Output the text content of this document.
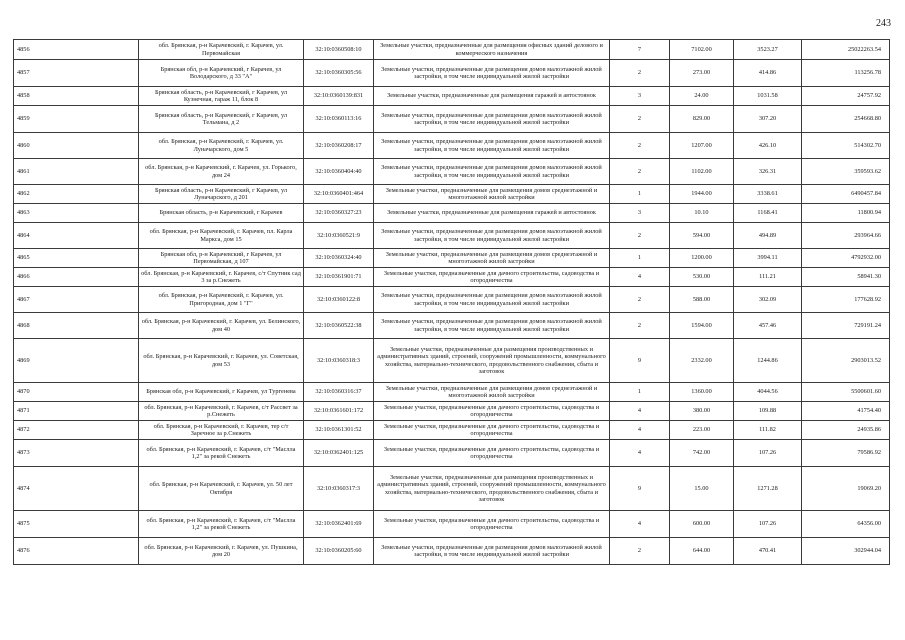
243
4856	обл. Брянская, р-н Карачевский, г. Карачев, ул. Первомайская	32:10:0360508:10	Земельные участки, предназначенные для размещения офисных зданий делового и коммерческого назначения	7	7102.00	3523.27	25022263.54
4857	Брянская обл, р-н Карачевский, г Карачев, ул Володарского, д 33 "А"	32:10:0360305:56	Земельные участки, предназначенные для размещения домов малоэтажной жилой застройки, в том числе индивидуальной жилой застройки	2	273.00	414.86	113256.78
4858	Брянская область, р-н Карачевский, г Карачев, ул Кузнечная, гараж 11, блок 8	32:10:0360139:831	Земельные участки, предназначенные для размещения гаражей и автостоянок	3	24.00	1031.58	24757.92
4859	Брянская область, р-н Карачевский, г Карачев, ул Тельмана, д 2	32:10:0360113:16	Земельные участки, предназначенные для размещения домов малоэтажной жилой застройки, в том числе индивидуальной жилой застройки	2	829.00	307.20	254668.80
4860	обл. Брянская, р-н Карачевский, г. Карачев, ул. Луначарского, дом 5	32:10:0360208:17	Земельные участки, предназначенные для размещения домов малоэтажной жилой застройки, в том числе индивидуальной жилой застройки	2	1207.00	426.10	514302.70
4861	обл. Брянская, р-н Карачевский, г. Карачев, ул. Горького, дом 24	32:10:0360404:40	Земельные участки, предназначенные для размещения домов малоэтажной жилой застройки, в том числе индивидуальной жилой застройки	2	1102.00	326.31	359593.62
4862	Брянская область, р-н Карачевский, г Карачев, ул Луначарского, д 201	32:10:0360401:464	Земельные участки, предназначенные для размещения домов среднеэтажной и многоэтажной жилой застройки	1	1944.00	3338.61	6490457.84
4863	Брянская область, р-н Карачевский, г Карачев	32:10:0360327:23	Земельные участки, предназначенные для размещения гаражей и автостоянок	3	10.10	1168.41	11800.94
4864	обл. Брянская, р-н Карачевский, г. Карачев, пл. Карла Маркса, дом 15	32:10:0360521:9	Земельные участки, предназначенные для размещения домов малоэтажной жилой застройки, в том числе индивидуальной жилой застройки	2	594.00	494.89	293964.66
4865	Брянская обл, р-н Карачевский, г Карачев, ул Первомайская, д 107	32:10:0360324:40	Земельные участки, предназначенные для размещения домов среднеэтажной и многоэтажной жилой застройки	1	1200.00	3994.11	4792932.00
4866	обл. Брянская, р-н Карачевский, г. Карачев, с/т Спутник сад 3 за р.Снежеть	32:10:0361901:71	Земельные участки, предназначенные для дачного строительства, садоводства и огородничества	4	530.00	111.21	58941.30
4867	обл. Брянская, р-н Карачевский, г. Карачев, ул. Пригородная, дом 1 "Г"	32:10:0360122:8	Земельные участки, предназначенные для размещения домов малоэтажной жилой застройки, в том числе индивидуальной жилой застройки	2	588.00	302.09	177628.92
4868	обл. Брянская, р-н Карачевский, г. Карачев, ул. Белинского, дом 40	32:10:0360522:38	Земельные участки, предназначенные для размещения домов малоэтажной жилой застройки, в том числе индивидуальной жилой застройки	2	1594.00	457.46	729191.24
4869	обл. Брянская, р-н Карачевский, г. Карачев, ул. Советская, дом 53	32:10:0360318:3	Земельные участки, предназначенные для размещения производственных и административных зданий, строений, сооружений промышленности, коммунального хозяйства, материально-технического, продовольственного снабжения, сбыта и заготовок	9	2332.00	1244.86	2903013.52
4870	Брянская обл, р-н Карачевский, г Карачев, ул Тургенева	32:10:0360316:37	Земельные участки, предназначенные для размещения домов среднеэтажной и многоэтажной жилой застройки	1	1360.00	4044.56	5500601.60
4871	обл. Брянская, р-н Карачевский, г. Карачев, с/т Рассвет за р.Снежеть	32:10:0361601:172	Земельные участки, предназначенные для дачного строительства, садоводства и огородничества	4	380.00	109.88	41754.40
4872	обл. Брянская, р-н Карачевский, г. Карачев, тер с/т Заречное за р.Снежеть	32:10:0361301:52	Земельные участки, предназначенные для дачного строительства, садоводства и огородничества	4	223.00	111.82	24935.86
4873	обл. Брянская, р-н Карачевский, г. Карачев, с/т "Маслла 1,2" за рекой Снежеть	32:10:0362401:125	Земельные участки, предназначенные для дачного строительства, садоводства и огородничества	4	742.00	107.26	79586.92
4874	обл. Брянская, р-н Карачевский, г. Карачев, ул. 50 лет Октября	32:10:0360317:3	Земельные участки, предназначенные для размещения производственных и административных зданий, строений, сооружений промышленности, коммунального хозяйства, материально-технического, продовольственного снабжения, сбыта и заготовок	9	15.00	1271.28	19069.20
4875	обл. Брянская, р-н Карачевский, г. Карачев, с/т "Маслла 1,2" за рекой Снежеть	32:10:0362401:69	Земельные участки, предназначенные для дачного строительства, садоводства и огородничества	4	600.00	107.26	64356.00
4876	обл. Брянская, р-н Карачевский, г. Карачев, ул. Пушкина, дом 20	32:10:0360205:60	Земельные участки, предназначенные для размещения домов малоэтажной жилой застройки, в том числе индивидуальной жилой застройки	2	644.00	470.41	302944.04
